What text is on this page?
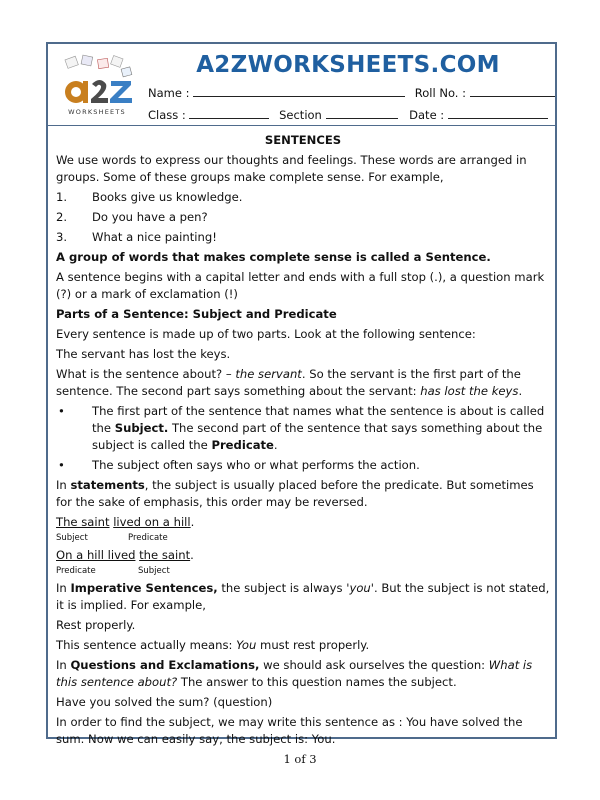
WORKSHEETS
A2ZWORKSHEETS.COM
Name :	Roll No. :
Class :	Section	Date :
SENTENCES

We use words to express our thoughts and feelings. These words are arranged in groups. Some of these groups make complete sense. For example,

1.	Books give us knowledge.
2.	Do you have a pen?
3.	What a nice painting!

A group of words that makes complete sense is called a Sentence.

A sentence begins with a capital letter and ends with a full stop (.), a question mark (?) or a mark of exclamation (!)

Parts of a Sentence: Subject and Predicate

Every sentence is made up of two parts. Look at the following sentence:

The servant has lost the keys.

What is the sentence about? – the servant. So the servant is the first part of the sentence. The second part says something about the servant: has lost the keys.

•	The first part of the sentence that names what the sentence is about is called the Subject. The second part of the sentence that says something about the subject is called the Predicate.
•	The subject often says who or what performs the action.

In statements, the subject is usually placed before the predicate. But sometimes for the sake of emphasis, this order may be reversed.

The saint lived on a hill.

Subject	Predicate

On a hill lived the saint.

Predicate	Subject

In Imperative Sentences, the subject is always 'you'. But the subject is not stated, it is implied. For example,

Rest properly.

This sentence actually means: You must rest properly.

In Questions and Exclamations, we should ask ourselves the question: What is this sentence about? The answer to this question names the subject.

Have you solved the sum? (question)

In order to find the subject, we may write this sentence as : You have solved the sum. Now we can easily say, the subject is: You.

1 of 3
